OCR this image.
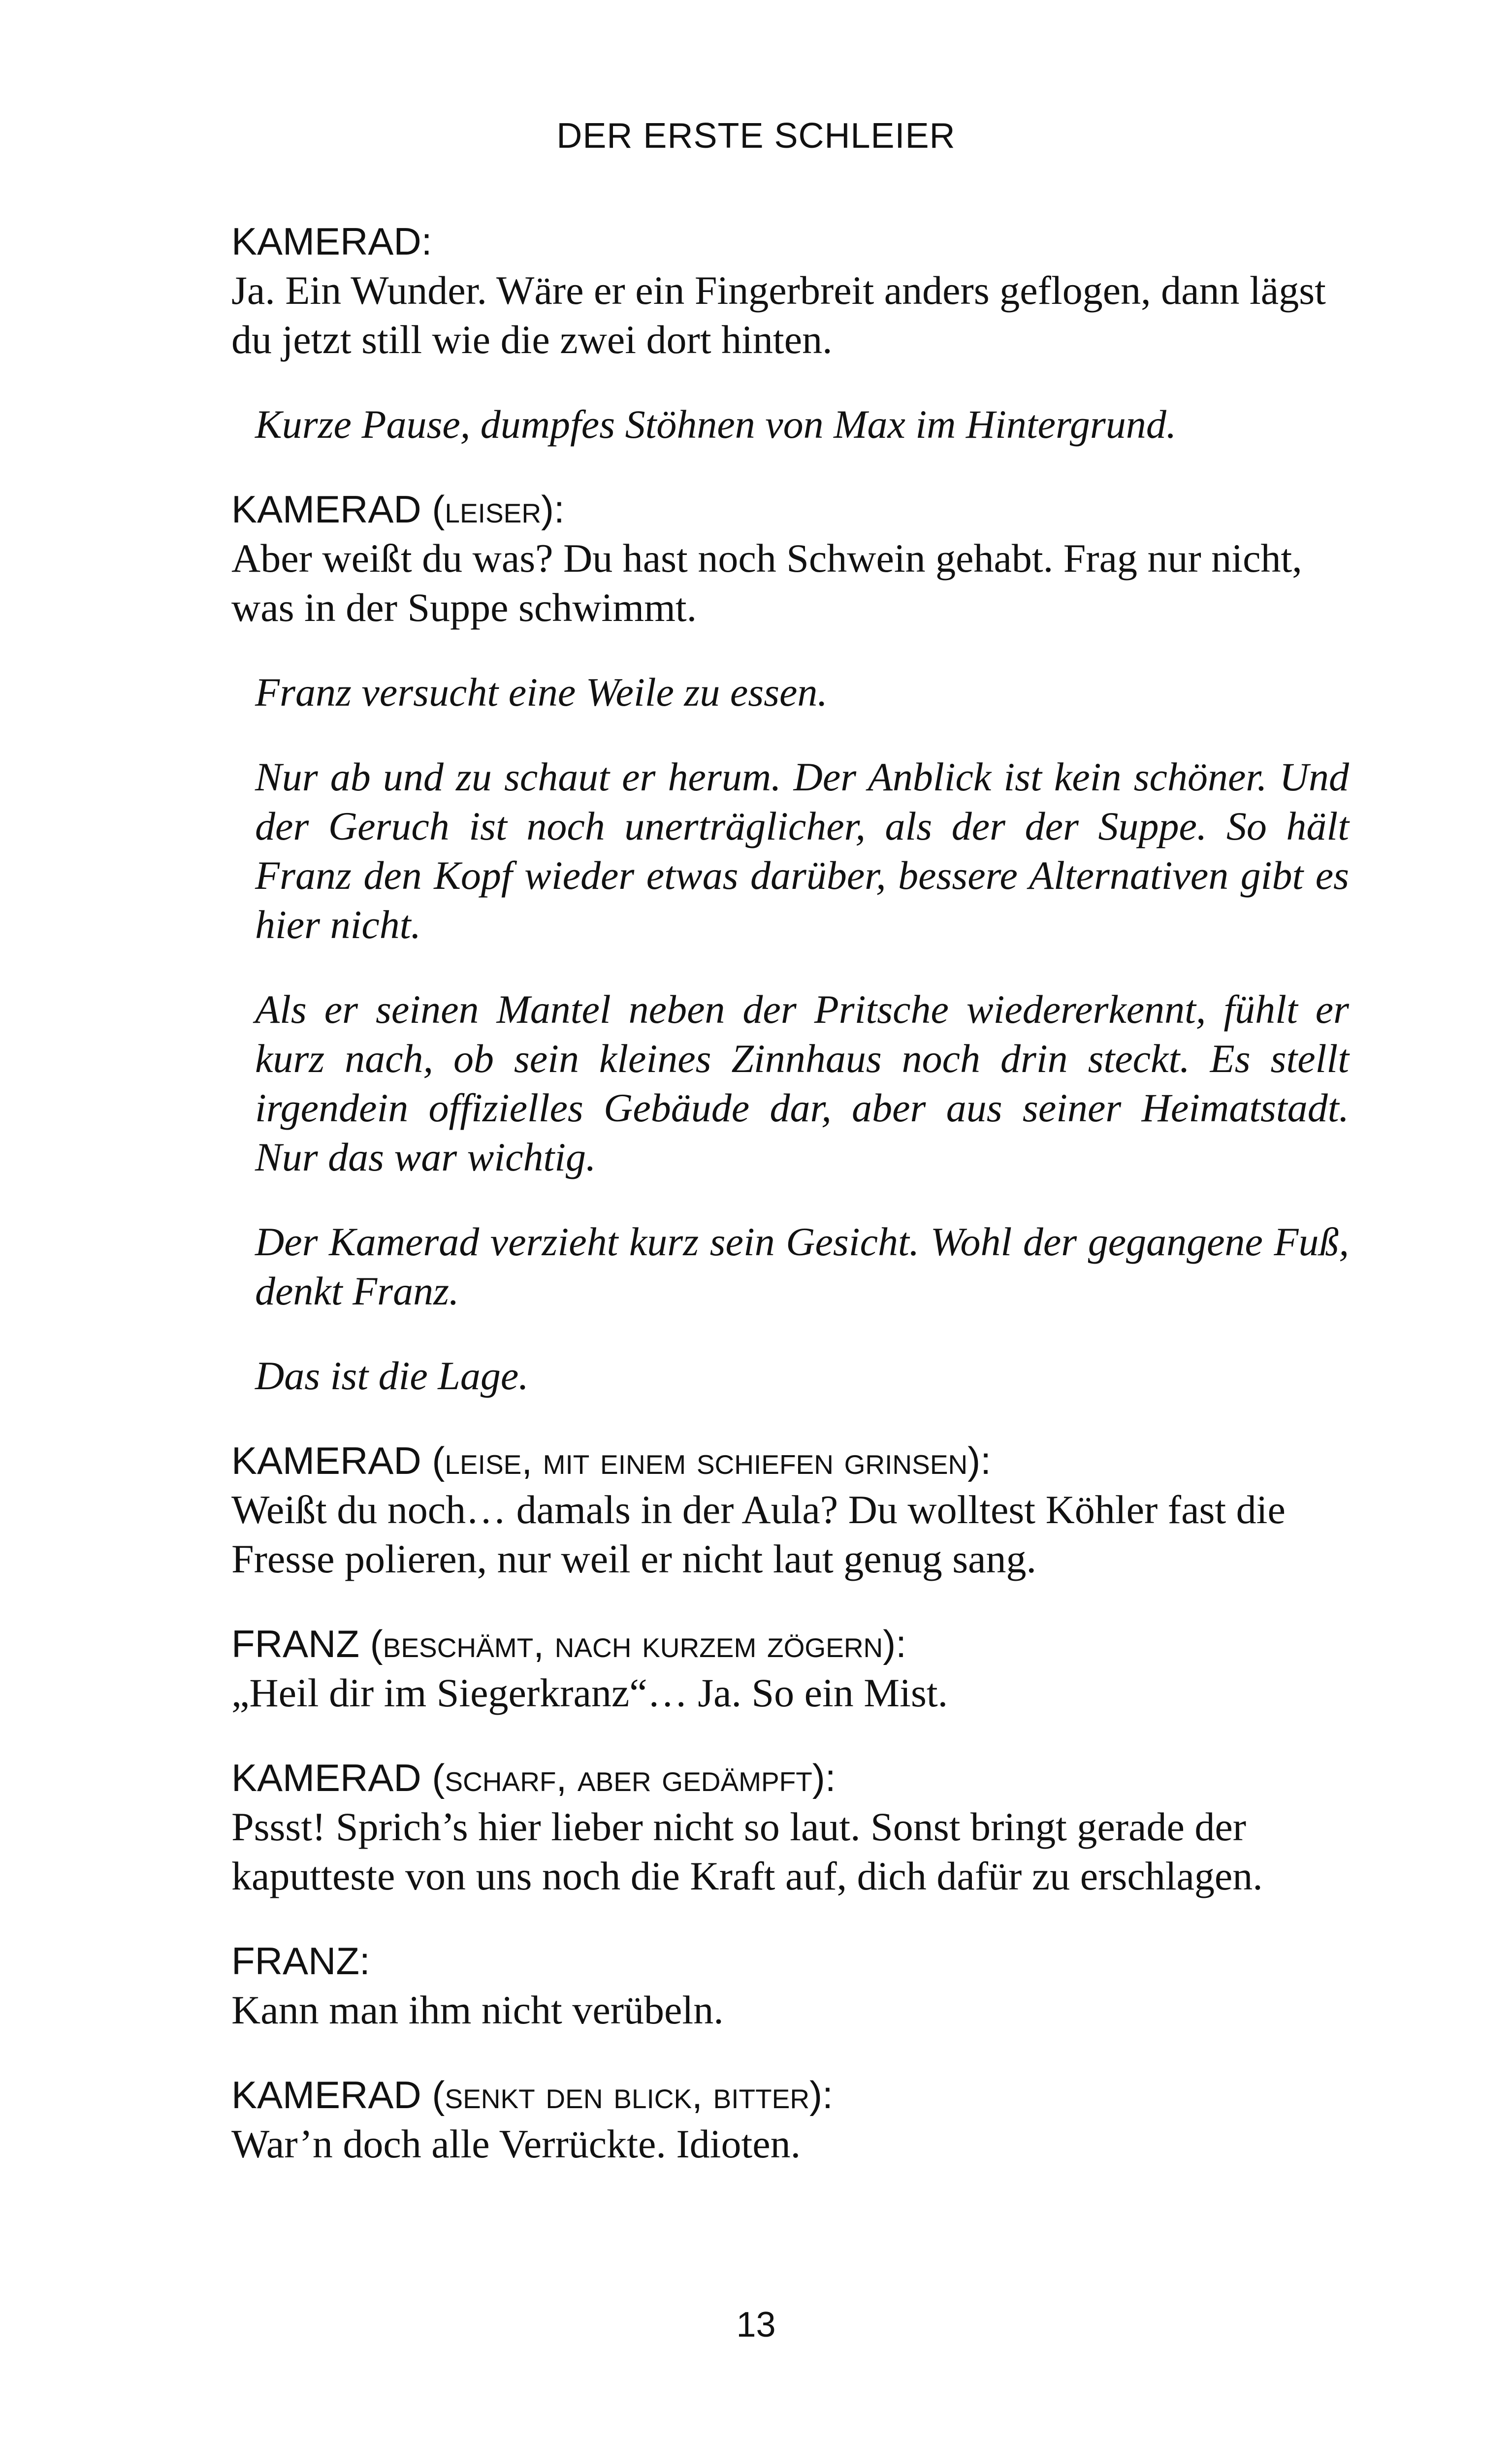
DER ERSTE SCHLEIER

KAMERAD:

Ja. Ein Wunder. Wäre er ein Fingerbreit anders geflogen, dann lägst du jetzt still wie die zwei dort hinten.

Kurze Pause, dumpfes Stöhnen von Max im Hintergrund.

KAMERAD (leiser):

Aber weißt du was? Du hast noch Schwein gehabt. Frag nur nicht, was in der Suppe schwimmt.

Franz versucht eine Weile zu essen.

Nur ab und zu schaut er herum. Der Anblick ist kein schöner. Und der Geruch ist noch unerträglicher, als der der Suppe. So hält Franz den Kopf wieder etwas darüber, bessere Alternativen gibt es hier nicht.

Als er seinen Mantel neben der Pritsche wiedererkennt, fühlt er kurz nach, ob sein kleines Zinnhaus noch drin steckt. Es stellt irgendein offizielles Gebäude dar, aber aus seiner Heimatstadt. Nur das war wichtig.

Der Kamerad verzieht kurz sein Gesicht. Wohl der gegangene Fuß, denkt Franz.

Das ist die Lage.

KAMERAD (leise, mit einem schiefen grinsen):

Weißt du noch… damals in der Aula? Du wolltest Köhler fast die Fresse polieren, nur weil er nicht laut genug sang.

FRANZ (beschämt, nach kurzem zögern):

„Heil dir im Siegerkranz“… Ja. So ein Mist.

KAMERAD (scharf, aber gedämpft):

Pssst! Sprich’s hier lieber nicht so laut. Sonst bringt gerade der kaputteste von uns noch die Kraft auf, dich dafür zu erschlagen.

FRANZ:

Kann man ihm nicht verübeln.

KAMERAD (senkt den blick, bitter):

War’n doch alle Verrückte. Idioten.

13
